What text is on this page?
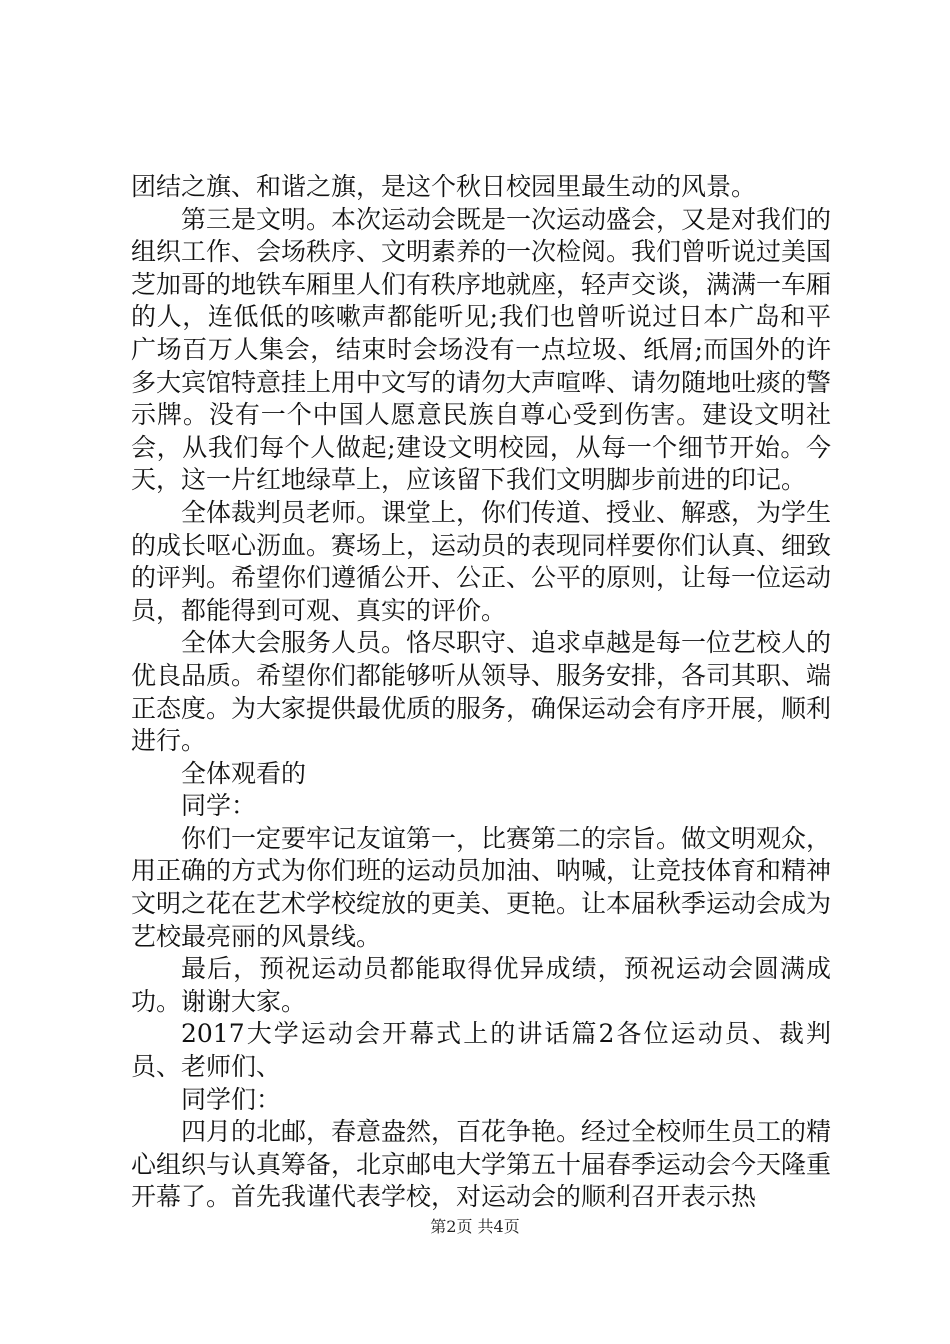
团结之旗、和谐之旗，是这个秋日校园里最生动的风景。

第三是文明。本次运动会既是一次运动盛会，又是对我们的组织工作、会场秩序、文明素养的一次检阅。我们曾听说过美国芝加哥的地铁车厢里人们有秩序地就座，轻声交谈，满满一车厢的人，连低低的咳嗽声都能听见;我们也曾听说过日本广岛和平广场百万人集会，结束时会场没有一点垃圾、纸屑;而国外的许多大宾馆特意挂上用中文写的请勿大声喧哗、请勿随地吐痰的警示牌。没有一个中国人愿意民族自尊心受到伤害。建设文明社会，从我们每个人做起;建设文明校园，从每一个细节开始。今天，这一片红地绿草上，应该留下我们文明脚步前进的印记。

全体裁判员老师。课堂上，你们传道、授业、解惑，为学生的成长呕心沥血。赛场上，运动员的表现同样要你们认真、细致的评判。希望你们遵循公开、公正、公平的原则，让每一位运动员，都能得到可观、真实的评价。

全体大会服务人员。恪尽职守、追求卓越是每一位艺校人的优良品质。希望你们都能够听从领导、服务安排，各司其职、端正态度。为大家提供最优质的服务，确保运动会有序开展，顺利进行。

全体观看的

同学：

你们一定要牢记友谊第一，比赛第二的宗旨。做文明观众，用正确的方式为你们班的运动员加油、呐喊，让竞技体育和精神文明之花在艺术学校绽放的更美、更艳。让本届秋季运动会成为艺校最亮丽的风景线。

最后，预祝运动员都能取得优异成绩，预祝运动会圆满成功。谢谢大家。

2017大学运动会开幕式上的讲话篇2各位运动员、裁判员、老师们、

同学们：

四月的北邮，春意盎然，百花争艳。经过全校师生员工的精心组织与认真筹备，北京邮电大学第五十届春季运动会今天隆重开幕了。首先我谨代表学校，对运动会的顺利召开表示热

第2页 共4页
